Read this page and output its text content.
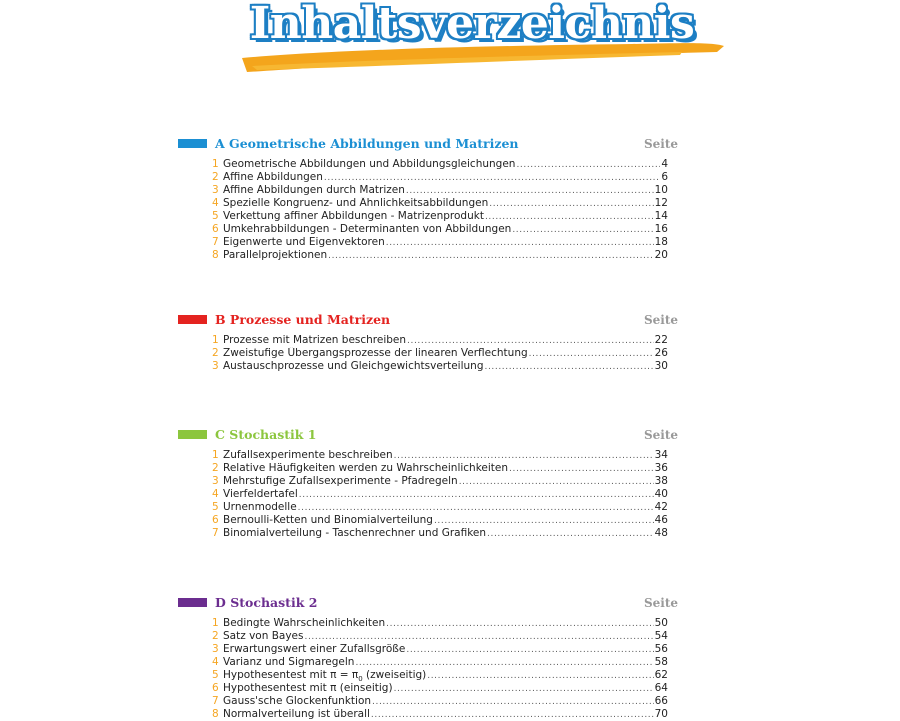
Inhaltsverzeichnis
A Geometrische Abbildungen und Matrizen	Seite
1 Geometrische Abbildungen und Abbildungsgleichungen .....	4
2 Affine Abbildungen .....	6
3 Affine Abbildungen durch Matrizen .....	10
4 Spezielle Kongruenz- und Ähnlichkeitsabbildungen .....	12
5 Verkettung affiner Abbildungen - Matrizenprodukt .....	14
6 Umkehrabbildungen - Determinanten von Abbildungen .....	16
7 Eigenwerte und Eigenvektoren .....	18
8 Parallelprojektionen .....	20
B Prozesse und Matrizen	Seite
1 Prozesse mit Matrizen beschreiben .....	22
2 Zweistufige Übergangsprozesse der linearen Verflechtung .....	26
3 Austauschprozesse und Gleichgewichtsverteilung .....	30
C Stochastik 1	Seite
1 Zufallsexperimente beschreiben .....	34
2 Relative Häufigkeiten werden zu Wahrscheinlichkeiten .....	36
3 Mehrstufige Zufallsexperimente - Pfadregeln .....	38
4 Vierfeldertafel .....	40
5 Urnenmodelle .....	42
6 Bernoulli-Ketten und Binomialverteilung .....	46
7 Binomialverteilung - Taschenrechner und Grafiken .....	48
D Stochastik 2	Seite
1 Bedingte Wahrscheinlichkeiten .....	50
2 Satz von Bayes .....	54
3 Erwartungswert einer Zufallsgröße .....	56
4 Varianz und Sigmaregeln .....	58
5 Hypothesentest mit $\pi = \pi_0$ (zweiseitig) .....	62
6 Hypothesentest mit π (einseitig) .....	64
7 Gauss'sche Glockenfunktion .....	66
8 Normalverteilung ist überall .....	70
